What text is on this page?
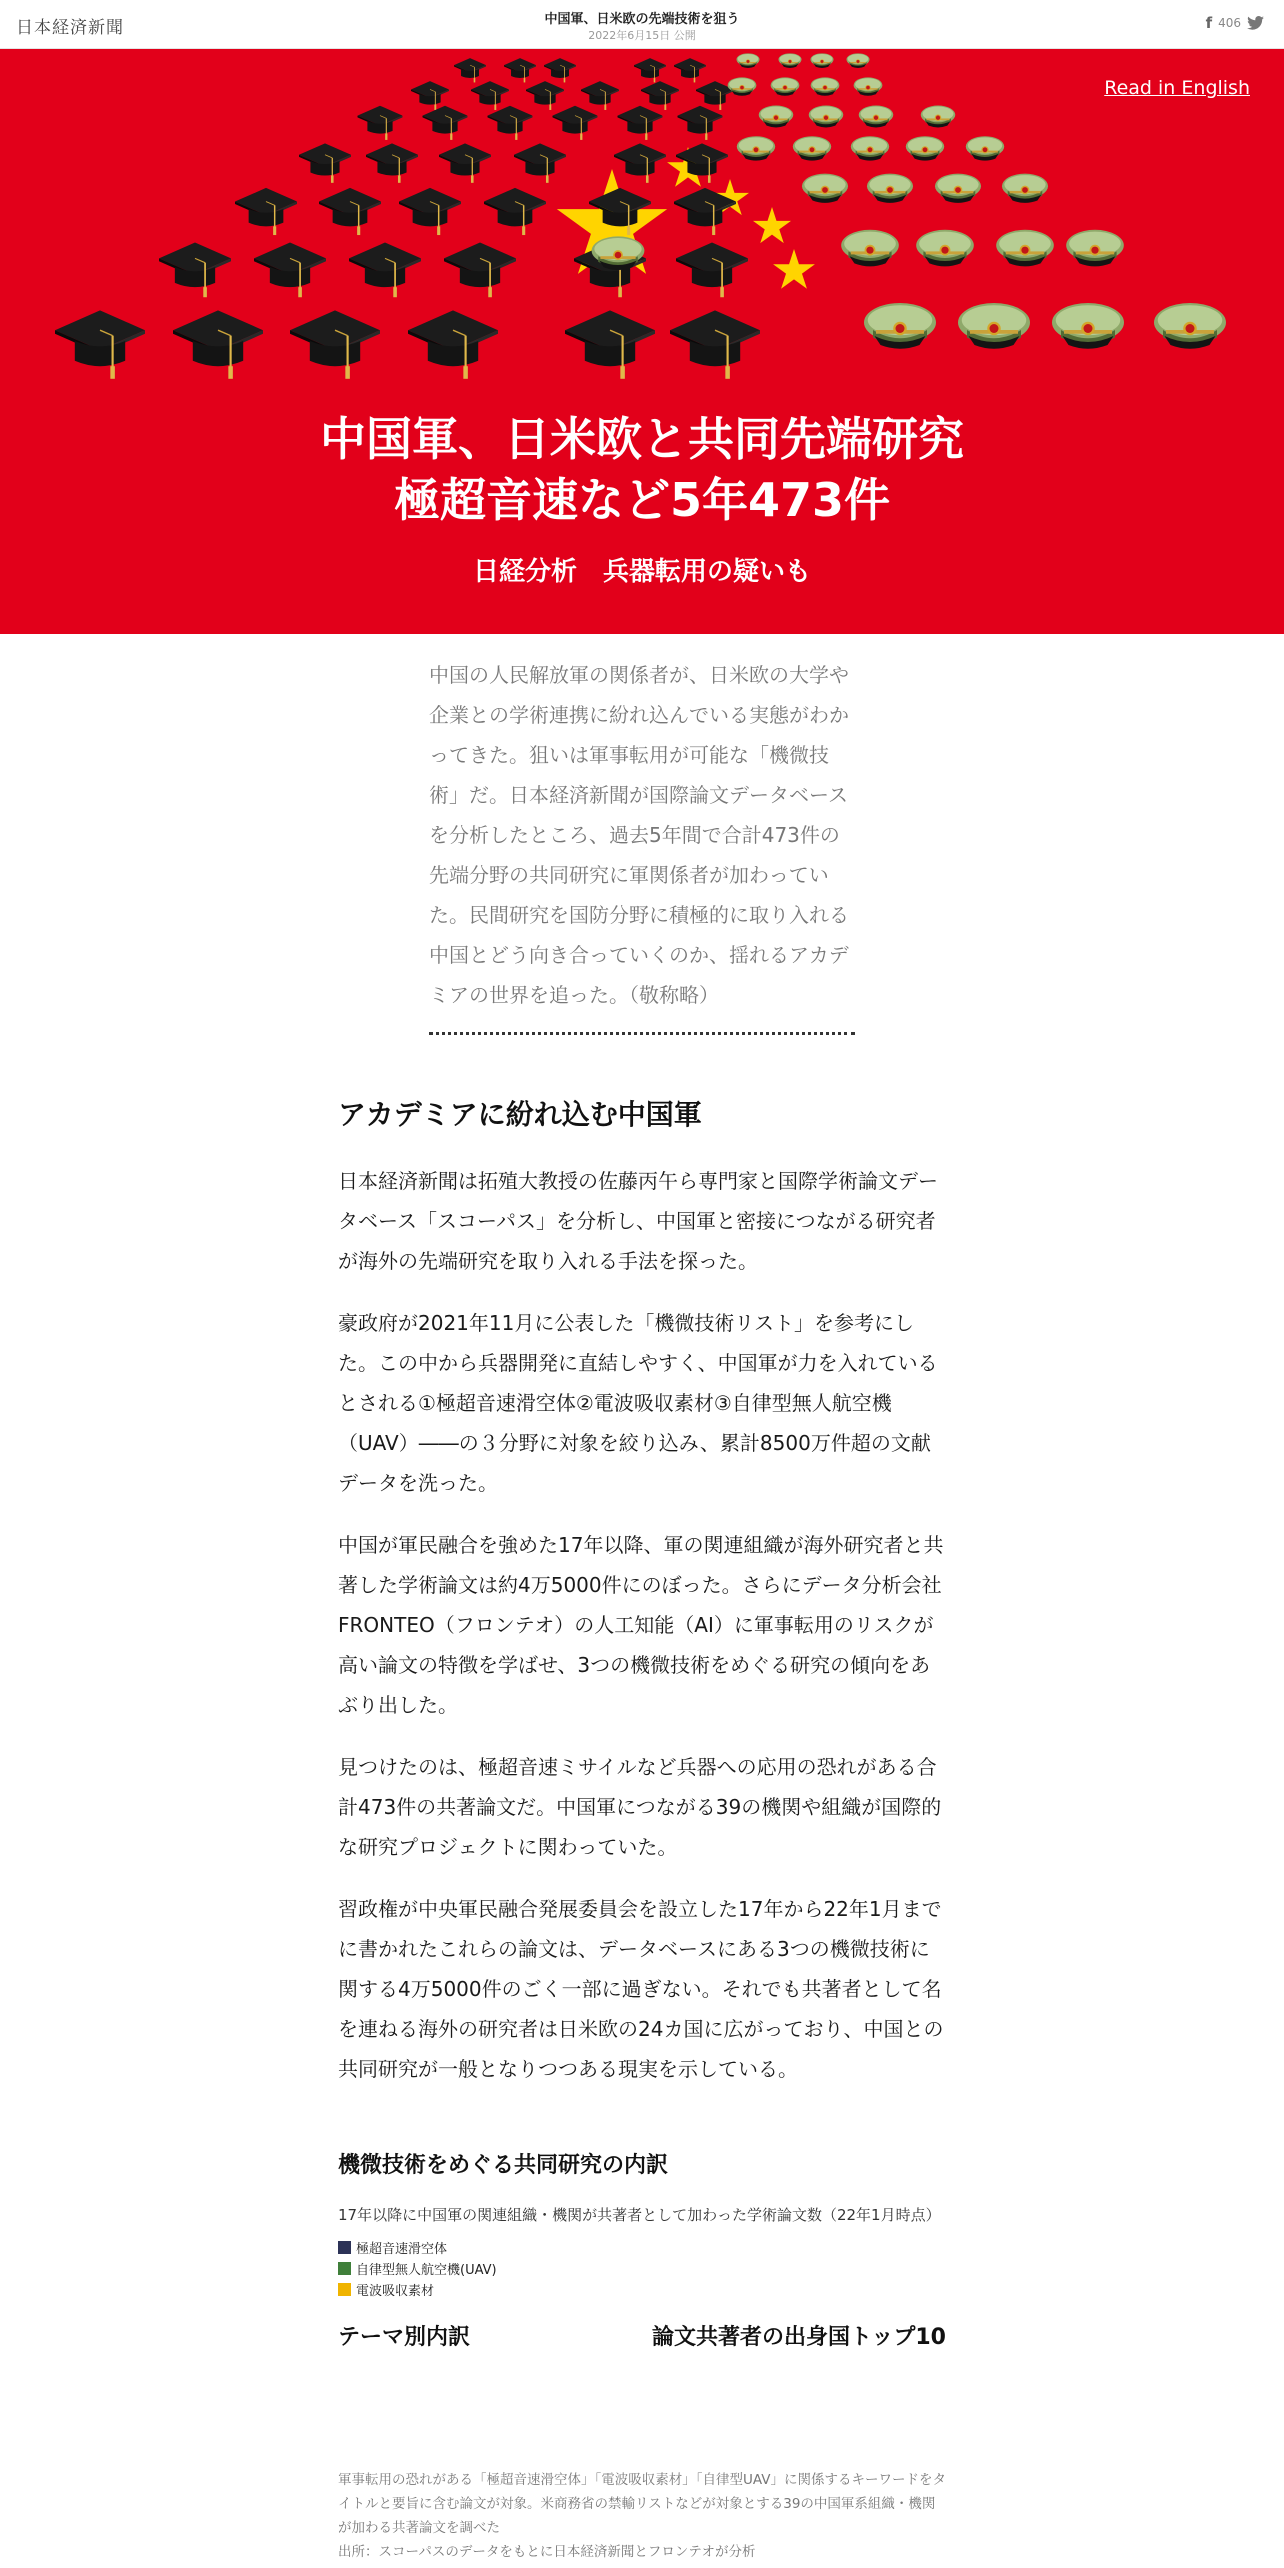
日本経済新聞	中国軍、日米欧の先端技術を狙う
2022年6月15日 公開
f 406
Read in English
中国軍、日米欧と共同先端研究
極超音速など5年473件
日経分析　兵器転用の疑いも
中国の人民解放軍の関係者が、日米欧の大学や企業との学術連携に紛れ込んでいる実態がわかってきた。狙いは軍事転用が可能な「機微技術」だ。日本経済新聞が国際論文データベースを分析したところ、過去5年間で合計473件の先端分野の共同研究に軍関係者が加わっていた。民間研究を国防分野に積極的に取り入れる中国とどう向き合っていくのか、揺れるアカデミアの世界を追った。（敬称略）
アカデミアに紛れ込む中国軍

日本経済新聞は拓殖大教授の佐藤丙午ら専門家と国際学術論文データベース「スコーパス」を分析し、中国軍と密接につながる研究者が海外の先端研究を取り入れる手法を探った。

豪政府が2021年11月に公表した「機微技術リスト」を参考にした。この中から兵器開発に直結しやすく、中国軍が力を入れているとされる①極超音速滑空体②電波吸収素材③自律型無人航空機（UAV）――の３分野に対象を絞り込み、累計8500万件超の文献データを洗った。

中国が軍民融合を強めた17年以降、軍の関連組織が海外研究者と共著した学術論文は約4万5000件にのぼった。さらにデータ分析会社FRONTEO（フロンテオ）の人工知能（AI）に軍事転用のリスクが高い論文の特徴を学ばせ、3つの機微技術をめぐる研究の傾向をあぶり出した。

見つけたのは、極超音速ミサイルなど兵器への応用の恐れがある合計473件の共著論文だ。中国軍につながる39の機関や組織が国際的な研究プロジェクトに関わっていた。

習政権が中央軍民融合発展委員会を設立した17年から22年1月までに書かれたこれらの論文は、データベースにある3つの機微技術に関する4万5000件のごく一部に過ぎない。それでも共著者として名を連ねる海外の研究者は日米欧の24カ国に広がっており、中国との共同研究が一般となりつつある現実を示している。

機微技術をめぐる共同研究の内訳
17年以降に中国軍の関連組織・機関が共著者として加わった学術論文数（22年1月時点）
極超音速滑空体
自律型無人航空機(UAV)
電波吸収素材
テーマ別内訳	論文共著者の出身国トップ10
軍事転用の恐れがある「極超音速滑空体」「電波吸収素材」「自律型UAV」に関係するキーワードをタイトルと要旨に含む論文が対象。米商務省の禁輸リストなどが対象とする39の中国軍系組織・機関が加わる共著論文を調べた
出所：スコーパスのデータをもとに日本経済新聞とフロンテオが分析
